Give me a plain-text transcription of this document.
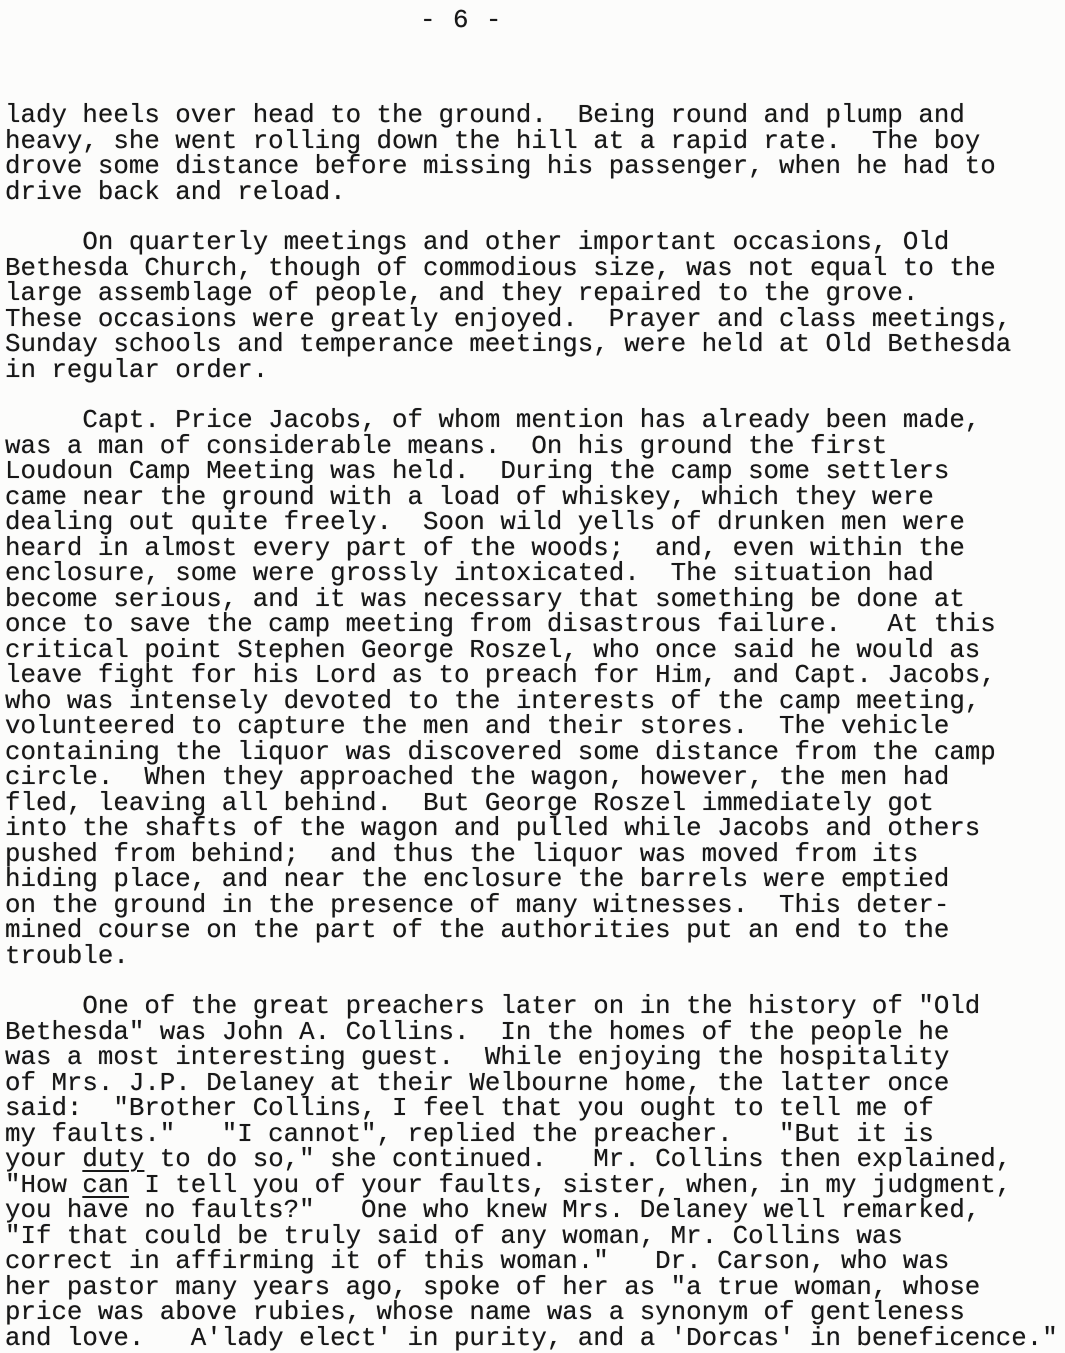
- 6 -
lady heels over head to the ground.  Being round and plump and
heavy, she went rolling down the hill at a rapid rate.  The boy
drove some distance before missing his passenger, when he had to
drive back and reload.
On quarterly meetings and other important occasions, Old
Bethesda Church, though of commodious size, was not equal to the
large assemblage of people, and they repaired to the grove.
These occasions were greatly enjoyed.  Prayer and class meetings,
Sunday schools and temperance meetings, were held at Old Bethesda
in regular order.
Capt. Price Jacobs, of whom mention has already been made,
was a man of considerable means.  On his ground the first
Loudoun Camp Meeting was held.  During the camp some settlers
came near the ground with a load of whiskey, which they were
dealing out quite freely.  Soon wild yells of drunken men were
heard in almost every part of the woods;  and, even within the
enclosure, some were grossly intoxicated.  The situation had
become serious, and it was necessary that something be done at
once to save the camp meeting from disastrous failure.   At this
critical point Stephen George Roszel, who once said he would as
leave fight for his Lord as to preach for Him, and Capt. Jacobs,
who was intensely devoted to the interests of the camp meeting,
volunteered to capture the men and their stores.  The vehicle
containing the liquor was discovered some distance from the camp
circle.  When they approached the wagon, however, the men had
fled, leaving all behind.  But George Roszel immediately got
into the shafts of the wagon and pulled while Jacobs and others
pushed from behind;  and thus the liquor was moved from its
hiding place, and near the enclosure the barrels were emptied
on the ground in the presence of many witnesses.  This deter-
mined course on the part of the authorities put an end to the
trouble.
One of the great preachers later on in the history of "Old
Bethesda" was John A. Collins.  In the homes of the people he
was a most interesting guest.  While enjoying the hospitality
of Mrs. J.P. Delaney at their Welbourne home, the latter once
said:  "Brother Collins, I feel that you ought to tell me of
my faults."   "I cannot", replied the preacher.   "But it is
your duty to do so," she continued.   Mr. Collins then explained,
"How can I tell you of your faults, sister, when, in my judgment,
you have no faults?"   One who knew Mrs. Delaney well remarked,
"If that could be truly said of any woman, Mr. Collins was
correct in affirming it of this woman."   Dr. Carson, who was
her pastor many years ago, spoke of her as "a true woman, whose
price was above rubies, whose name was a synonym of gentleness
and love.   A'lady elect' in purity, and a 'Dorcas' in beneficence."
